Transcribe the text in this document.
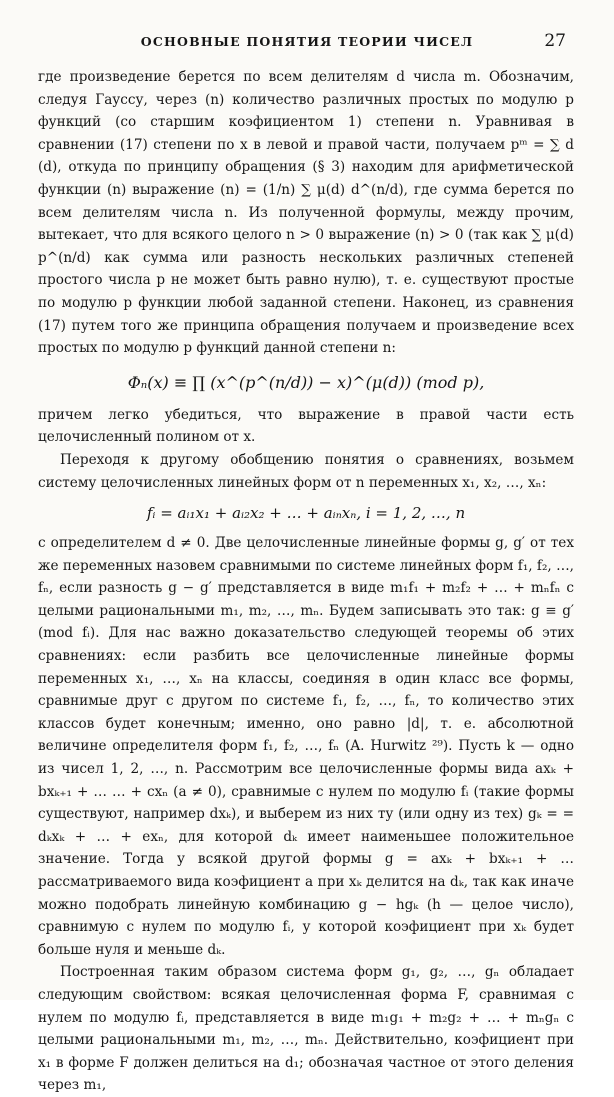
ОСНОВНЫЕ ПОНЯТИЯ ТЕОРИИ ЧИСЕЛ	27

где произведение берется по всем делителям d числа m. Обозначим, следуя Гауссу, через (n) количество различных простых по модулю p функций (со старшим коэфициентом 1) степени n. Уравнивая в сравнении (17) степени по x в левой и правой части, получаем pᵐ = ∑ d (d), откуда по принципу обращения (§ 3) находим для арифметической функции (n) выражение (n) = (1/n) ∑ μ(d) d^(n/d), где сумма берется по всем делителям числа n. Из полученной формулы, между прочим, вытекает, что для всякого целого n > 0 выражение (n) > 0 (так как ∑ μ(d) p^(n/d) как сумма или разность нескольких различных степеней простого числа p не может быть равно нулю), т. е. существуют простые по модулю p функции любой заданной степени. Наконец, из сравнения (17) путем того же принципа обращения получаем и произведение всех простых по модулю p функций данной степени n:

Φₙ(x) ≡ ∏ (x^(p^(n/d)) − x)^(μ(d)) (mod p),

причем легко убедиться, что выражение в правой части есть целочисленный полином от x.

Переходя к другому обобщению понятия о сравнениях, возьмем систему целочисленных линейных форм от n переменных x₁, x₂, …, xₙ:

fᵢ = aᵢ₁x₁ + aᵢ₂x₂ + … + aᵢₙxₙ, i = 1, 2, …, n

с определителем d ≠ 0. Две целочисленные линейные формы g, g′ от тех же переменных назовем сравнимыми по системе линейных форм f₁, f₂, …, fₙ, если разность g − g′ представляется в виде m₁f₁ + m₂f₂ + … + mₙfₙ с целыми рациональными m₁, m₂, …, mₙ. Будем записывать это так: g ≡ g′ (mod fᵢ). Для нас важно доказательство следующей теоремы об этих сравнениях: если разбить все целочисленные линейные формы переменных x₁, …, xₙ на классы, соединяя в один класс все формы, сравнимые друг с другом по системе f₁, f₂, …, fₙ, то количество этих классов будет конечным; именно, оно равно |d|, т. е. абсолютной величине определителя форм f₁, f₂, …, fₙ (A. Hurwitz ²⁹). Пусть k — одно из чисел 1, 2, …, n. Рассмотрим все целочисленные формы вида axₖ + bxₖ₊₁ + … … + cxₙ (a ≠ 0), сравнимые с нулем по модулю fᵢ (такие формы существуют, например dxₖ), и выберем из них ту (или одну из тех) gₖ = = dₖxₖ + … + exₙ, для которой dₖ имеет наименьшее положительное значение. Тогда у всякой другой формы g = axₖ + bxₖ₊₁ + … рассматриваемого вида коэфициент a при xₖ делится на dₖ, так как иначе можно подобрать линейную комбинацию g − hgₖ (h — целое число), сравнимую с нулем по модулю fᵢ, у которой коэфициент при xₖ будет больше нуля и меньше dₖ.

Построенная таким образом система форм g₁, g₂, …, gₙ обладает следующим свойством: всякая целочисленная форма F, сравнимая с нулем по модулю fᵢ, представляется в виде m₁g₁ + m₂g₂ + … + mₙgₙ с целыми рациональными m₁, m₂, …, mₙ. Действительно, коэфициент при x₁ в форме F должен делиться на d₁; обозначая частное от этого деления через m₁,
